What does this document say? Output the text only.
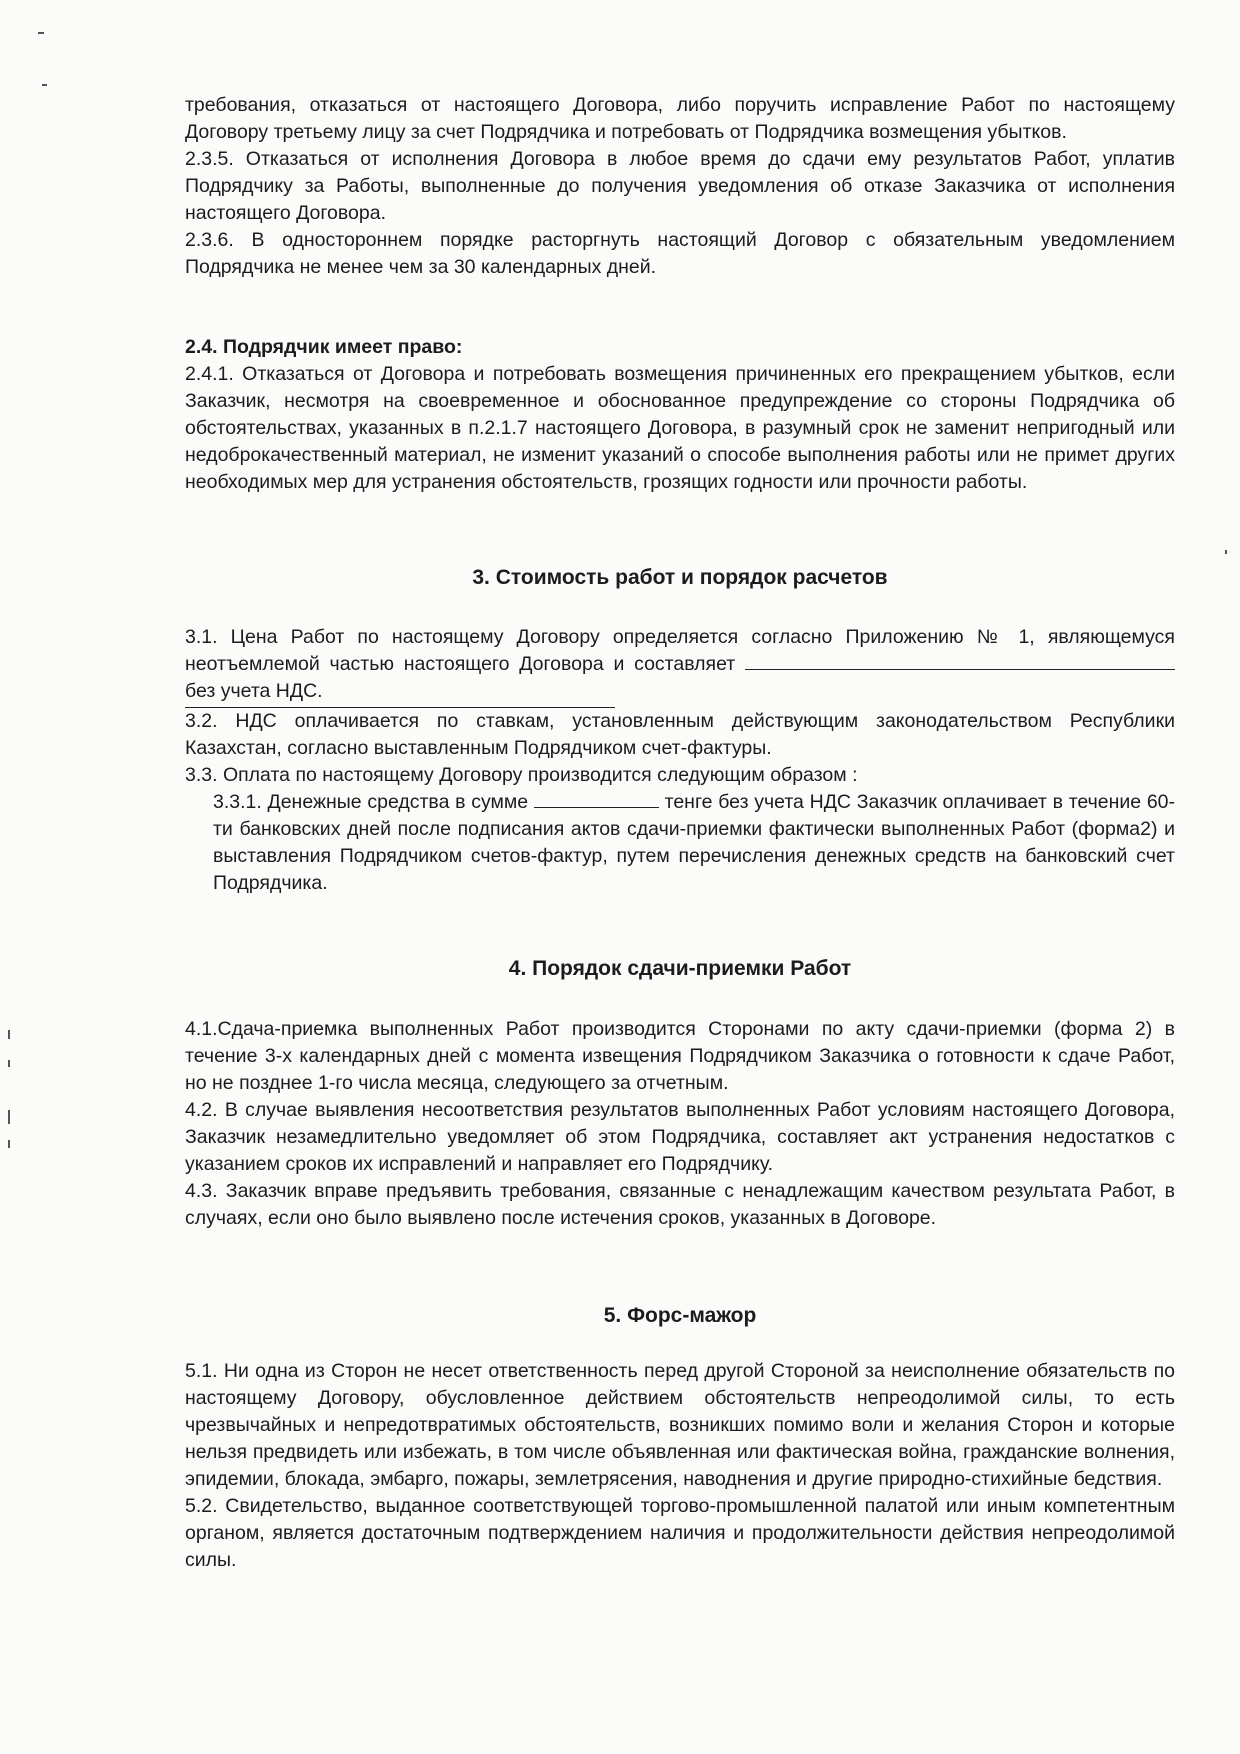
требования, отказаться от настоящего Договора, либо поручить исправление Работ по настоящему Договору третьему лицу за счет Подрядчика и потребовать от Подрядчика возмещения убытков.

2.3.5. Отказаться от исполнения Договора в любое время до сдачи ему результатов Работ, уплатив Подрядчику за Работы, выполненные до получения уведомления об отказе Заказчика от исполнения настоящего Договора.

2.3.6. В одностороннем порядке расторгнуть настоящий Договор с обязательным уведомлением Подрядчика не менее чем за 30 календарных дней.

2.4. Подрядчик имеет право:

2.4.1. Отказаться от Договора и потребовать возмещения причиненных его прекращением убытков, если Заказчик, несмотря на своевременное и обоснованное предупреждение со стороны Подрядчика об обстоятельствах, указанных в п.2.1.7 настоящего Договора, в разумный срок не заменит непригодный или недоброкачественный материал, не изменит указаний о способе выполнения работы или не примет других необходимых мер для устранения обстоятельств, грозящих годности или прочности работы.

3. Стоимость работ и порядок расчетов

3.1. Цена Работ по настоящему Договору определяется согласно Приложению № 1, являющемуся неотъемлемой частью настоящего Договора и составляет без учета НДС.

3.2. НДС оплачивается по ставкам, установленным действующим законодательством Республики Казахстан, согласно выставленным Подрядчиком счет-фактуры.

3.3. Оплата по настоящему Договору производится следующим образом :

3.3.1. Денежные средства в сумме	тенге без учета НДС Заказчик оплачивает в течение 60-ти банковских дней после подписания актов сдачи-приемки фактически выполненных Работ (форма2) и выставления Подрядчиком счетов-фактур, путем перечисления денежных средств на банковский счет Подрядчика.

4. Порядок сдачи-приемки Работ

4.1.Сдача-приемка выполненных Работ производится Сторонами по акту сдачи-приемки (форма 2) в течение 3-х календарных дней с момента извещения Подрядчиком Заказчика о готовности к сдаче Работ, но не позднее 1-го числа месяца, следующего за отчетным.

4.2. В случае выявления несоответствия результатов выполненных Работ условиям настоящего Договора, Заказчик незамедлительно уведомляет об этом Подрядчика, составляет акт устранения недостатков с указанием сроков их исправлений и направляет его Подрядчику.

4.3. Заказчик вправе предъявить требования, связанные с ненадлежащим качеством результата Работ, в случаях, если оно было выявлено после истечения сроков, указанных в Договоре.

5. Форс-мажор

5.1. Ни одна из Сторон не несет ответственность перед другой Стороной за неисполнение обязательств по настоящему Договору, обусловленное действием обстоятельств непреодолимой силы, то есть чрезвычайных и непредотвратимых обстоятельств, возникших помимо воли и желания Сторон и которые нельзя предвидеть или избежать, в том числе объявленная или фактическая война, гражданские волнения, эпидемии, блокада, эмбарго, пожары, землетрясения, наводнения и другие природно-стихийные бедствия.

5.2. Свидетельство, выданное соответствующей торгово-промышленной палатой или иным компетентным органом, является достаточным подтверждением наличия и продолжительности действия непреодолимой силы.
